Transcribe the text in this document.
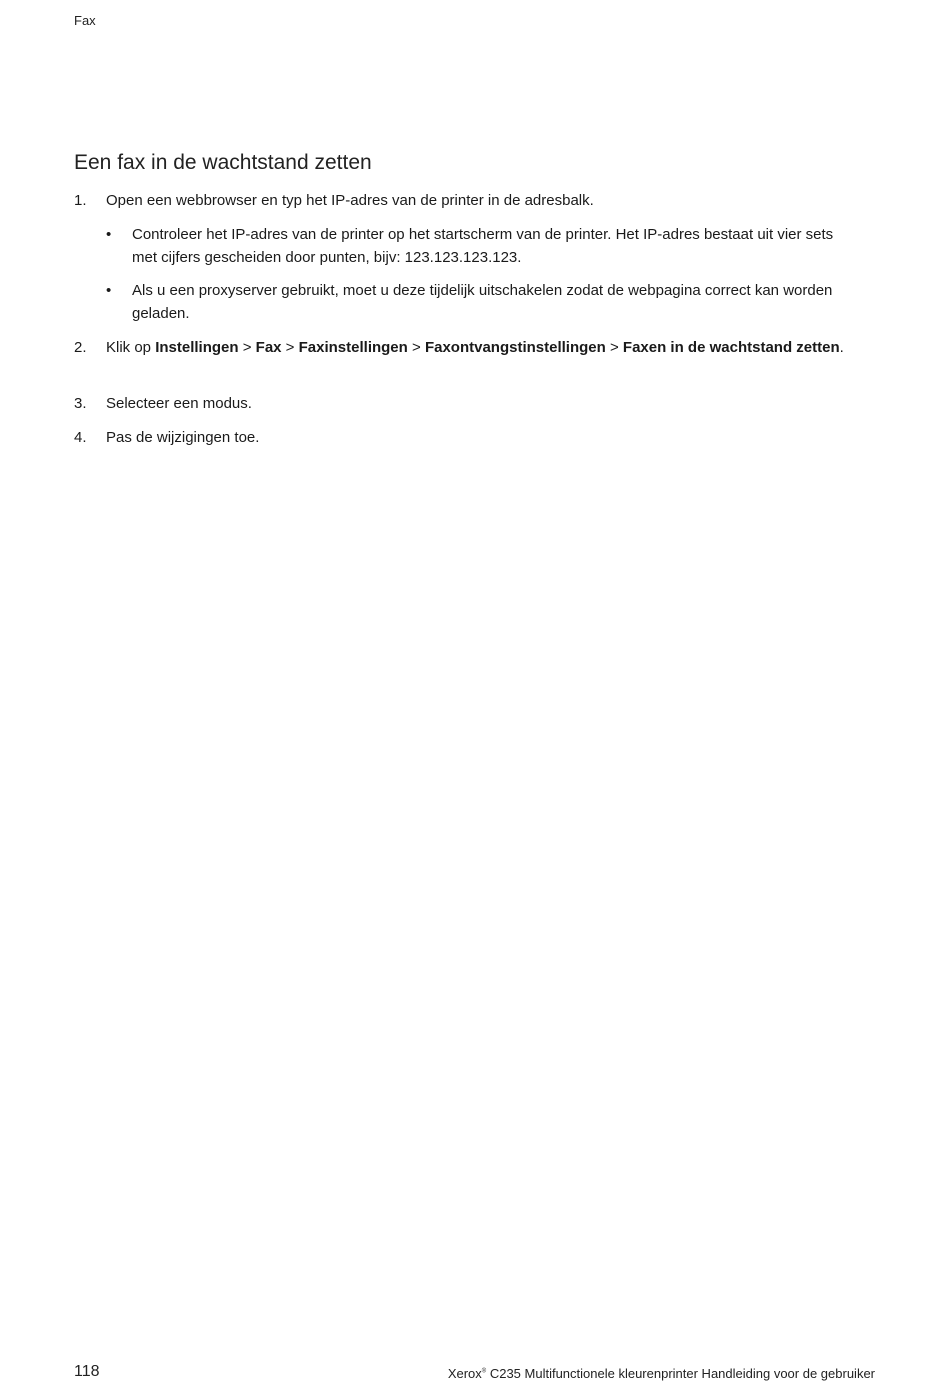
Fax
Een fax in de wachtstand zetten
1. Open een webbrowser en typ het IP-adres van de printer in de adresbalk.
• Controleer het IP-adres van de printer op het startscherm van de printer. Het IP-adres bestaat uit vier sets met cijfers gescheiden door punten, bijv: 123.123.123.123.
• Als u een proxyserver gebruikt, moet u deze tijdelijk uitschakelen zodat de webpagina correct kan worden geladen.
2. Klik op Instellingen > Fax > Faxinstellingen > Faxontvangstinstellingen > Faxen in de wachtstand zetten.
3. Selecteer een modus.
4. Pas de wijzigingen toe.
118	Xerox® C235 Multifunctionele kleurenprinter Handleiding voor de gebruiker
